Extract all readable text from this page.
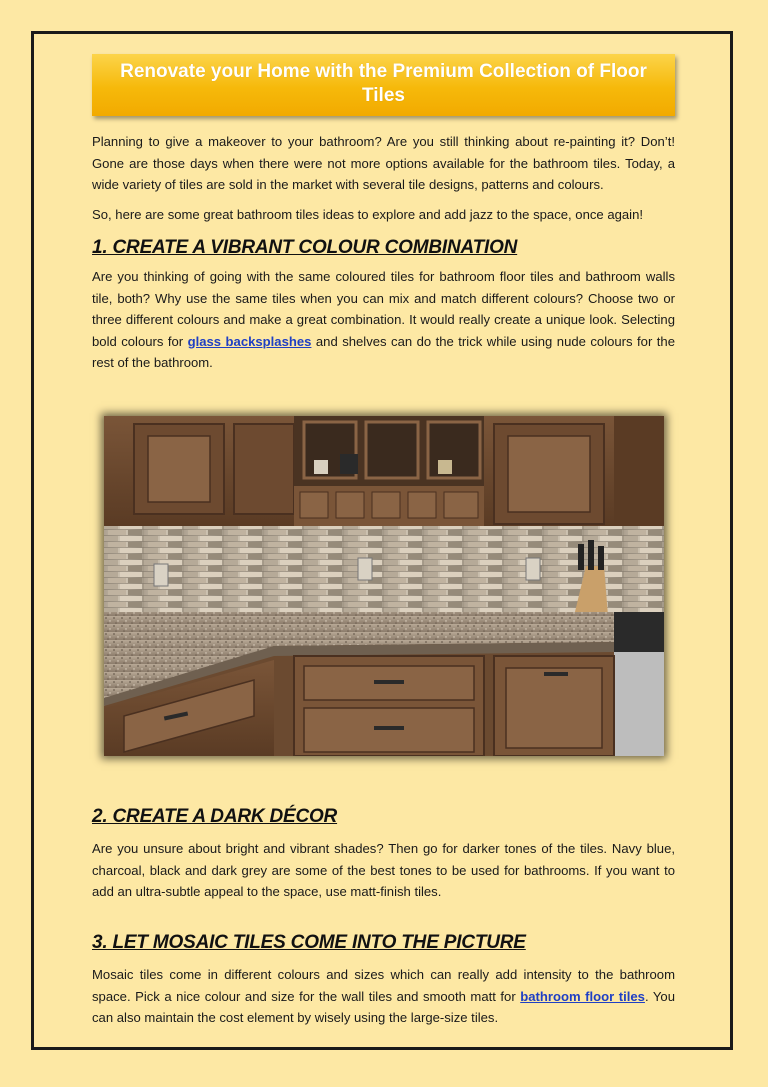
Renovate your Home with the Premium Collection of Floor Tiles

Planning to give a makeover to your bathroom? Are you still thinking about re-painting it? Don’t! Gone are those days when there were not more options available for the bathroom tiles. Today, a wide variety of tiles are sold in the market with several tile designs, patterns and colours.

So, here are some great bathroom tiles ideas to explore and add jazz to the space, once again!

1. CREATE A VIBRANT COLOUR COMBINATION

Are you thinking of going with the same coloured tiles for bathroom floor tiles and bathroom walls tile, both? Why use the same tiles when you can mix and match different colours? Choose two or three different colours and make a great combination. It would really create a unique look. Selecting bold colours for glass backsplashes and shelves can do the trick while using nude colours for the rest of the bathroom.

2. CREATE A DARK DÉCOR

Are you unsure about bright and vibrant shades? Then go for darker tones of the tiles. Navy blue, charcoal, black and dark grey are some of the best tones to be used for bathrooms. If you want to add an ultra-subtle appeal to the space, use matt-finish tiles.

3. LET MOSAIC TILES COME INTO THE PICTURE

Mosaic tiles come in different colours and sizes which can really add intensity to the bathroom space. Pick a nice colour and size for the wall tiles and smooth matt for bathroom floor tiles. You can also maintain the cost element by wisely using the large-size tiles.
